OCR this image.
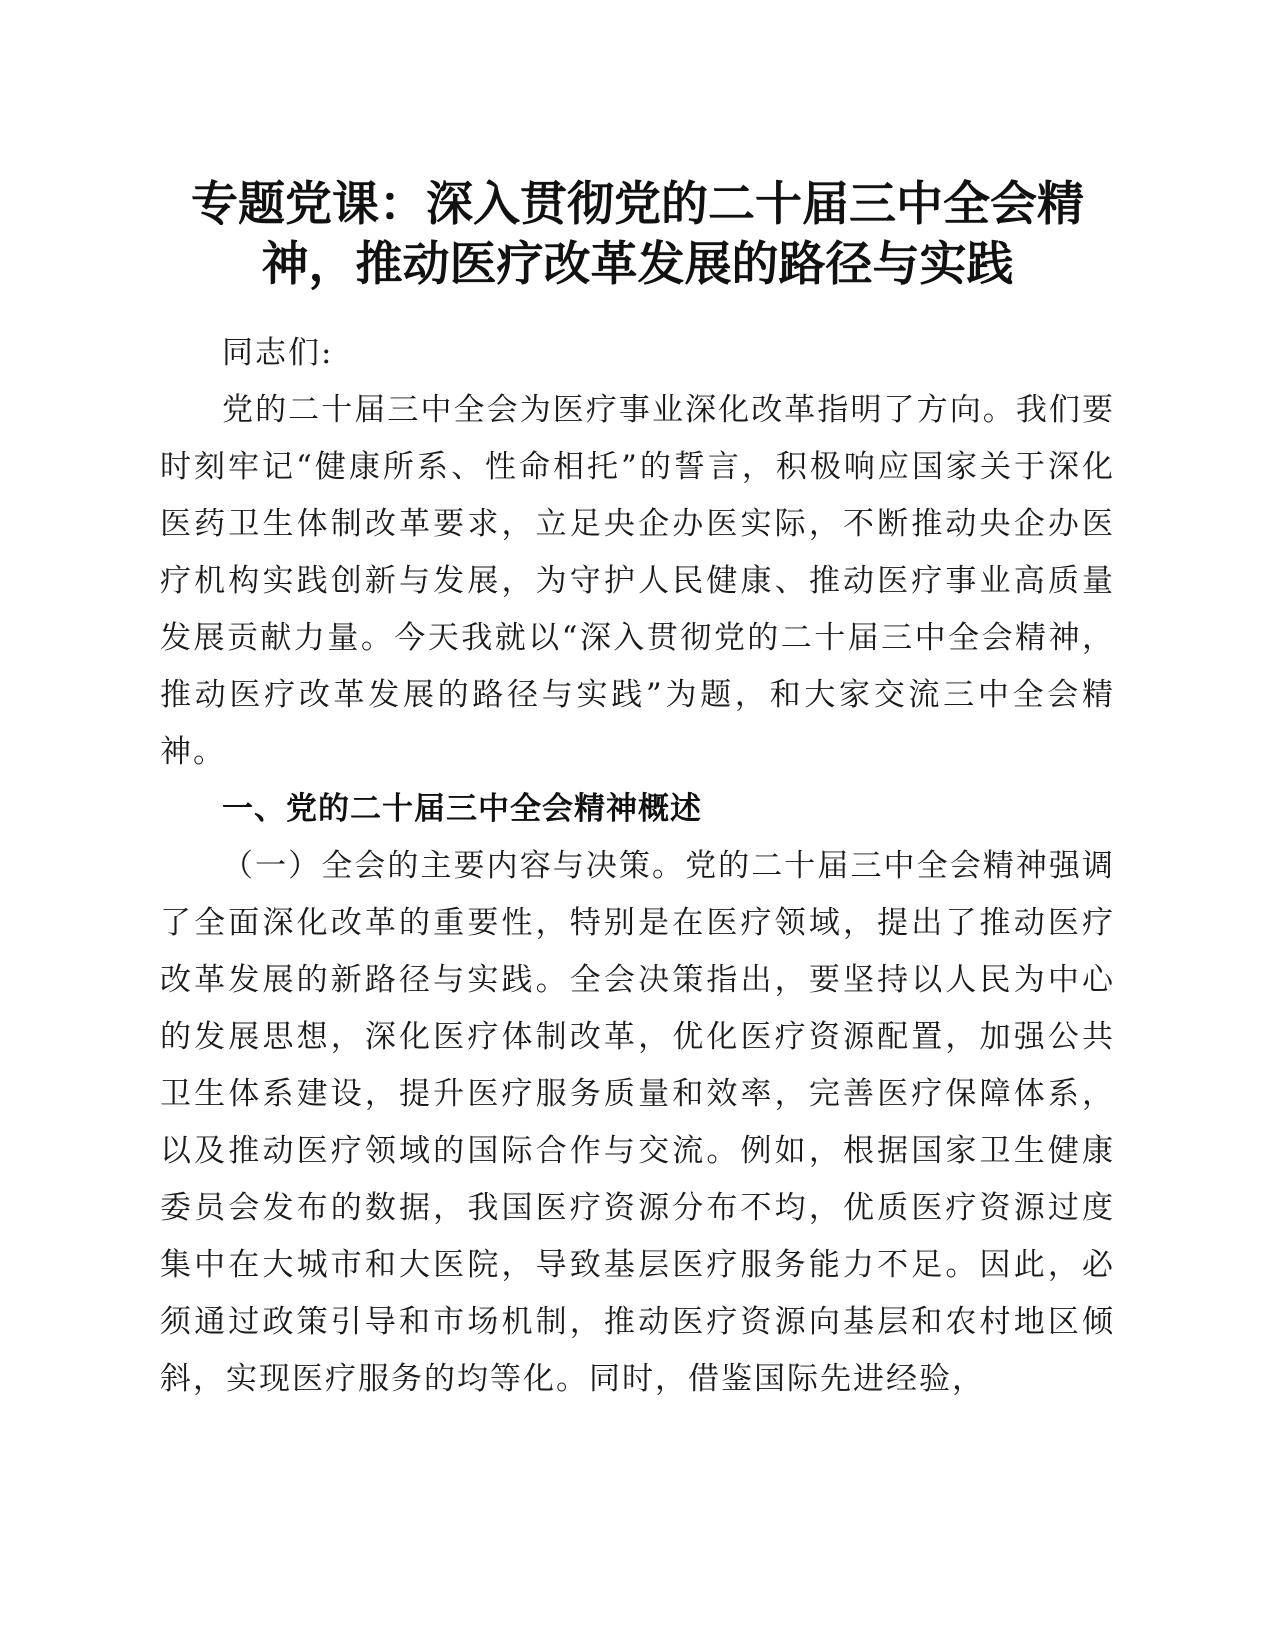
专题党课：深入贯彻党的二十届三中全会精
神，推动医疗改革发展的路径与实践

同志们:

党的二十届三中全会为医疗事业深化改革指明了方向。我们要时刻牢记“健康所系、性命相托”的誓言，积极响应国家关于深化医药卫生体制改革要求，立足央企办医实际，不断推动央企办医疗机构实践创新与发展，为守护人民健康、推动医疗事业高质量发展贡献力量。今天我就以“深入贯彻党的二十届三中全会精神，推动医疗改革发展的路径与实践”为题，和大家交流三中全会精神。

一、党的二十届三中全会精神概述

（一）全会的主要内容与决策。党的二十届三中全会精神强调了全面深化改革的重要性，特别是在医疗领域，提出了推动医疗改革发展的新路径与实践。全会决策指出，要坚持以人民为中心的发展思想，深化医疗体制改革，优化医疗资源配置，加强公共卫生体系建设，提升医疗服务质量和效率，完善医疗保障体系，以及推动医疗领域的国际合作与交流。例如，根据国家卫生健康委员会发布的数据，我国医疗资源分布不均，优质医疗资源过度集中在大城市和大医院，导致基层医疗服务能力不足。因此，必须通过政策引导和市场机制，推动医疗资源向基层和农村地区倾斜，实现医疗服务的均等化。同时，借鉴国际先进经验，
